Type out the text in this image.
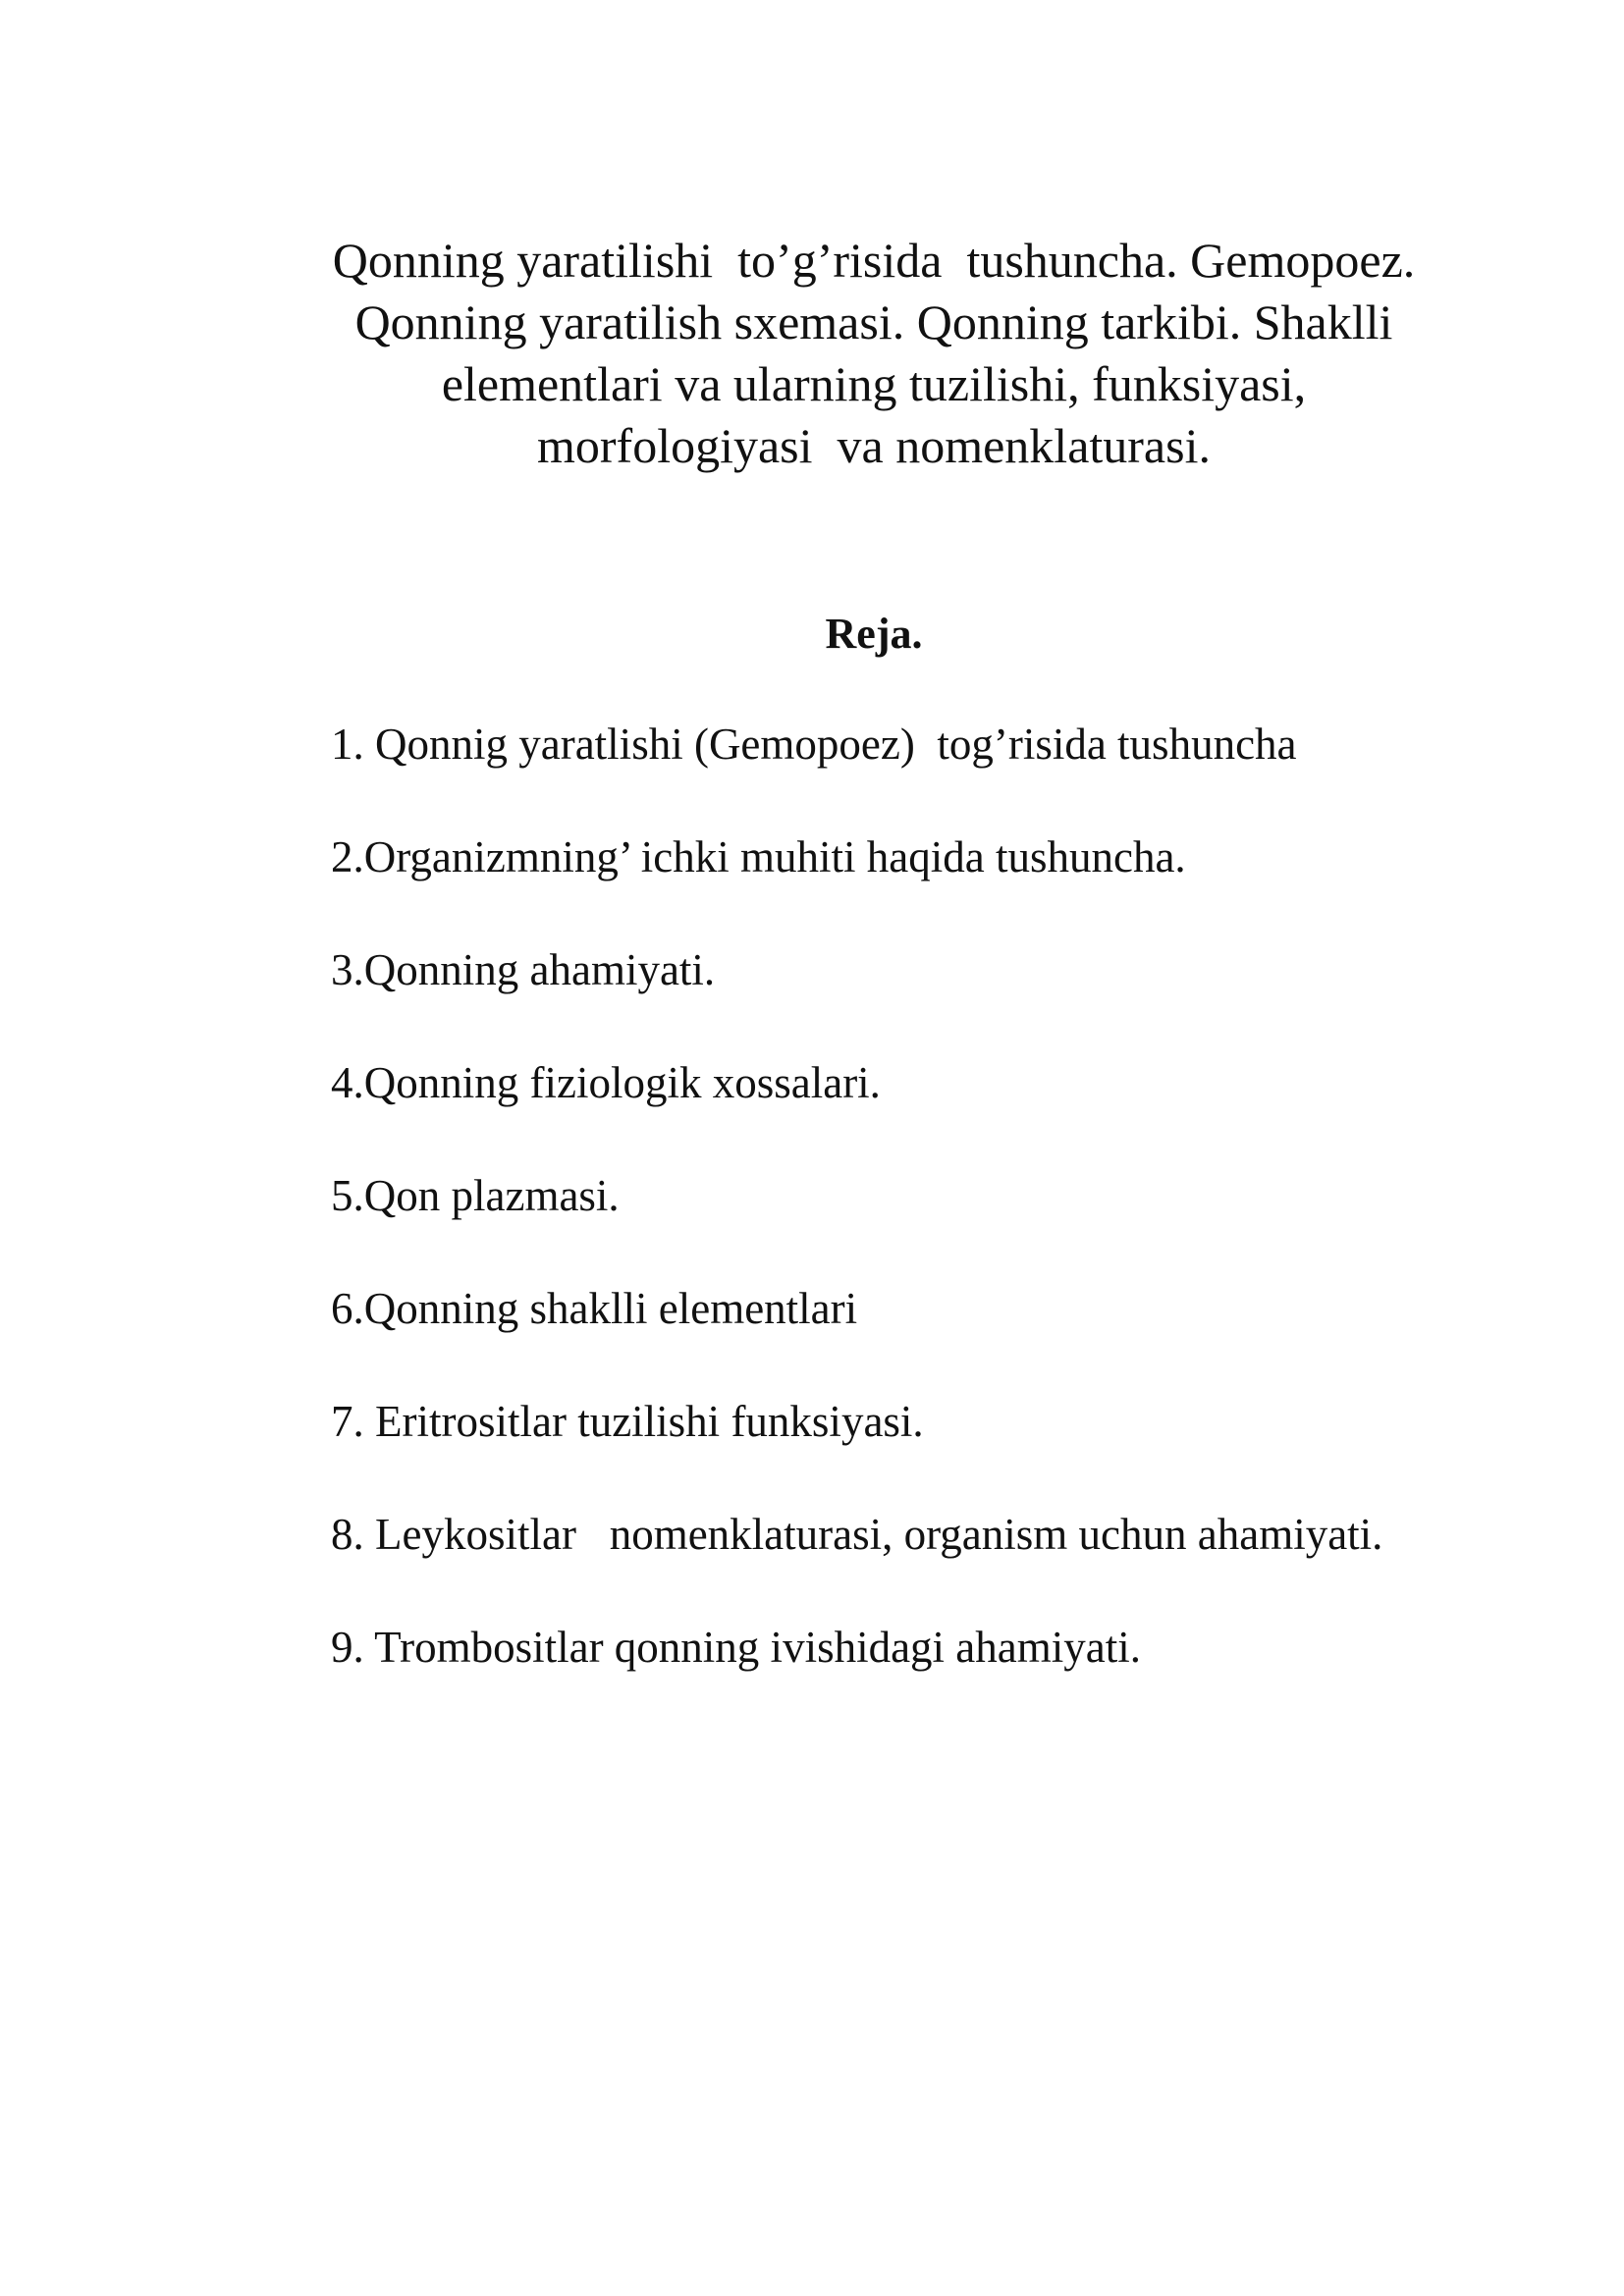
Qonning yaratilishi  to’g’risida  tushuncha. Gemopoez.
Qonning yaratilish sxemasi. Qonning tarkibi. Shaklli
elementlari va ularning tuzilishi, funksiyasi,
morfologiyasi  va nomenklaturasi.
Reja.
1. Qonnig yaratlishi (Gemopoez)  tog’risida tushuncha
2.Organizmning’ ichki muhiti haqida tushuncha.
3.Qonning ahamiyati.
4.Qonning fiziologik xossalari.
5.Qon plazmasi.
6.Qonning shaklli elementlari
7. Eritrositlar tuzilishi funksiyasi.
8. Leykositlar   nomenklaturasi, organism uchun ahamiyati.
9. Trombositlar qonning ivishidagi ahamiyati.
